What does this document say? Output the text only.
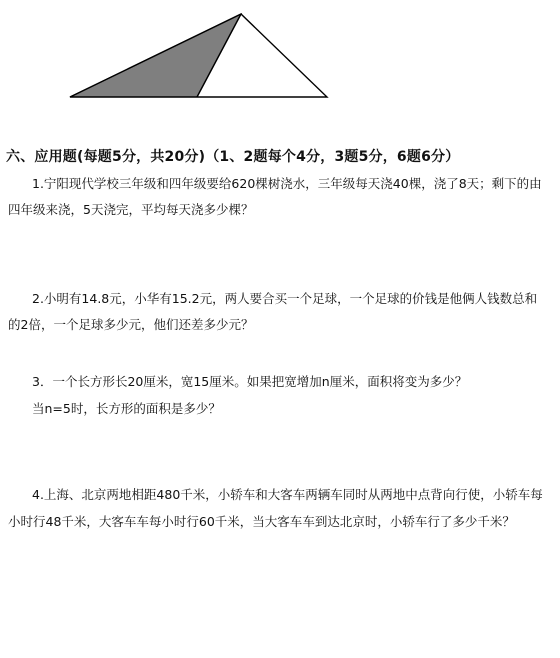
六、应用题(每题5分，共20分)（1、2题每个4分，3题5分，6题6分）
1.宁阳现代学校三年级和四年级要给620棵树浇水，三年级每天浇40棵，浇了8天；剩下的由
四年级来浇，5天浇完，平均每天浇多少棵？
2.小明有14.8元，小华有15.2元，两人要合买一个足球，一个足球的价钱是他俩人钱数总和
的2倍，一个足球多少元，他们还差多少元？
3．一个长方形长20厘米，宽15厘米。如果把宽增加n厘米，面积将变为多少？
当n=5时，长方形的面积是多少？
4.上海、北京两地相距480千米，小轿车和大客车两辆车同时从两地中点背向行使，小轿车每
小时行48千米，大客车车每小时行60千米，当大客车车到达北京时，小轿车行了多少千米？
